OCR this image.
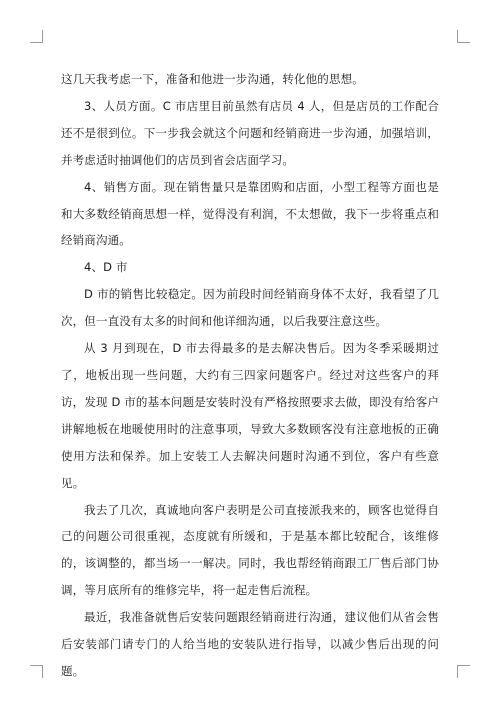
这几天我考虑一下，准备和他进一步沟通，转化他的思想。

3、人员方面。C 市店里目前虽然有店员 4 人，但是店员的工作配合还不是很到位。下一步我会就这个问题和经销商进一步沟通，加强培训，并考虑适时抽调他们的店员到省会店面学习。

4、销售方面。现在销售量只是靠团购和店面，小型工程等方面也是和大多数经销商思想一样，觉得没有利润，不太想做，我下一步将重点和经销商沟通。

4、D 市

D 市的销售比较稳定。因为前段时间经销商身体不太好，我看望了几次，但一直没有太多的时间和他详细沟通，以后我要注意这些。

从 3 月到现在，D 市去得最多的是去解决售后。因为冬季采暖期过了，地板出现一些问题，大约有三四家问题客户。经过对这些客户的拜访，发现 D 市的基本问题是安装时没有严格按照要求去做，即没有给客户讲解地板在地暖使用时的注意事项，导致大多数顾客没有注意地板的正确使用方法和保养。加上安装工人去解决问题时沟通不到位，客户有些意见。

我去了几次，真诚地向客户表明是公司直接派我来的，顾客也觉得自己的问题公司很重视，态度就有所缓和，于是基本都比较配合，该维修的，该调整的，都当场一一解决。同时，我也帮经销商跟工厂售后部门协调，等月底所有的维修完毕，将一起走售后流程。

最近，我准备就售后安装问题跟经销商进行沟通，建议他们从省会售后安装部门请专门的人给当地的安装队进行指导，以减少售后出现的问题。
